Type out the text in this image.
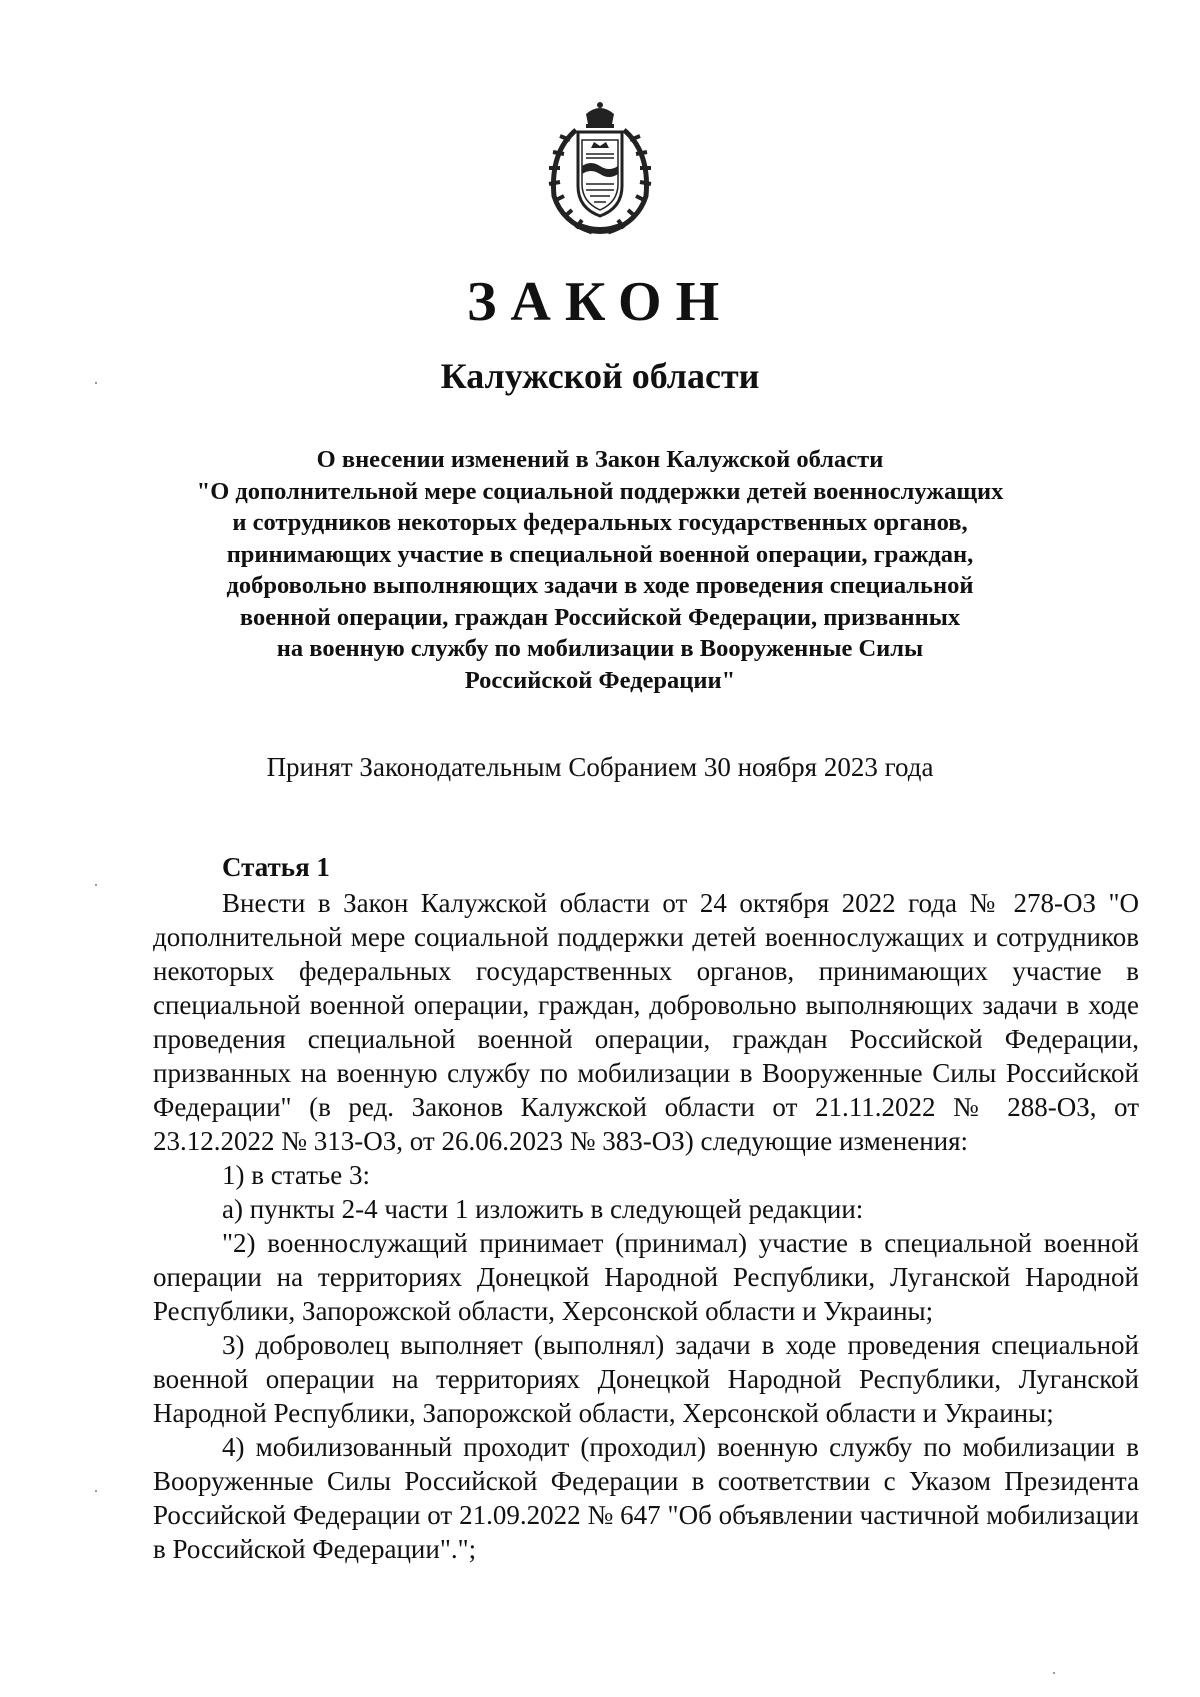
ЗАКОН
Калужской области
О внесении изменений в Закон Калужской области
"О дополнительной мере социальной поддержки детей военнослужащих
и сотрудников некоторых федеральных государственных органов,
принимающих участие в специальной военной операции, граждан,
добровольно выполняющих задачи в ходе проведения специальной
военной операции, граждан Российской Федерации, призванных
на военную службу по мобилизации в Вооруженные Силы
Российской Федерации"
Принят Законодательным Собранием 30 ноября 2023 года
Статья 1

Внести в Закон Калужской области от 24 октября 2022 года № 278-ОЗ "О дополнительной мере социальной поддержки детей военнослужащих и сотрудников некоторых федеральных государственных органов, принимающих участие в специальной военной операции, граждан, добровольно выполняющих задачи в ходе проведения специальной военной операции, граждан Российской Федерации, призванных на военную службу по мобилизации в Вооруженные Силы Российской Федерации" (в ред. Законов Калужской области от 21.11.2022 № 288-ОЗ, от 23.12.2022 № 313-ОЗ, от 26.06.2023 № 383-ОЗ) следующие изменения:

1) в статье 3:

а) пункты 2-4 части 1 изложить в следующей редакции:

"2) военнослужащий принимает (принимал) участие в специальной военной операции на территориях Донецкой Народной Республики, Луганской Народной Республики, Запорожской области, Херсонской области и Украины;

3) доброволец выполняет (выполнял) задачи в ходе проведения специальной военной операции на территориях Донецкой Народной Республики, Луганской Народной Республики, Запорожской области, Херсонской области и Украины;

4) мобилизованный проходит (проходил) военную службу по мобилизации в Вооруженные Силы Российской Федерации в соответствии с Указом Президента Российской Федерации от 21.09.2022 № 647 "Об объявлении частичной мобилизации в Российской Федерации".";
